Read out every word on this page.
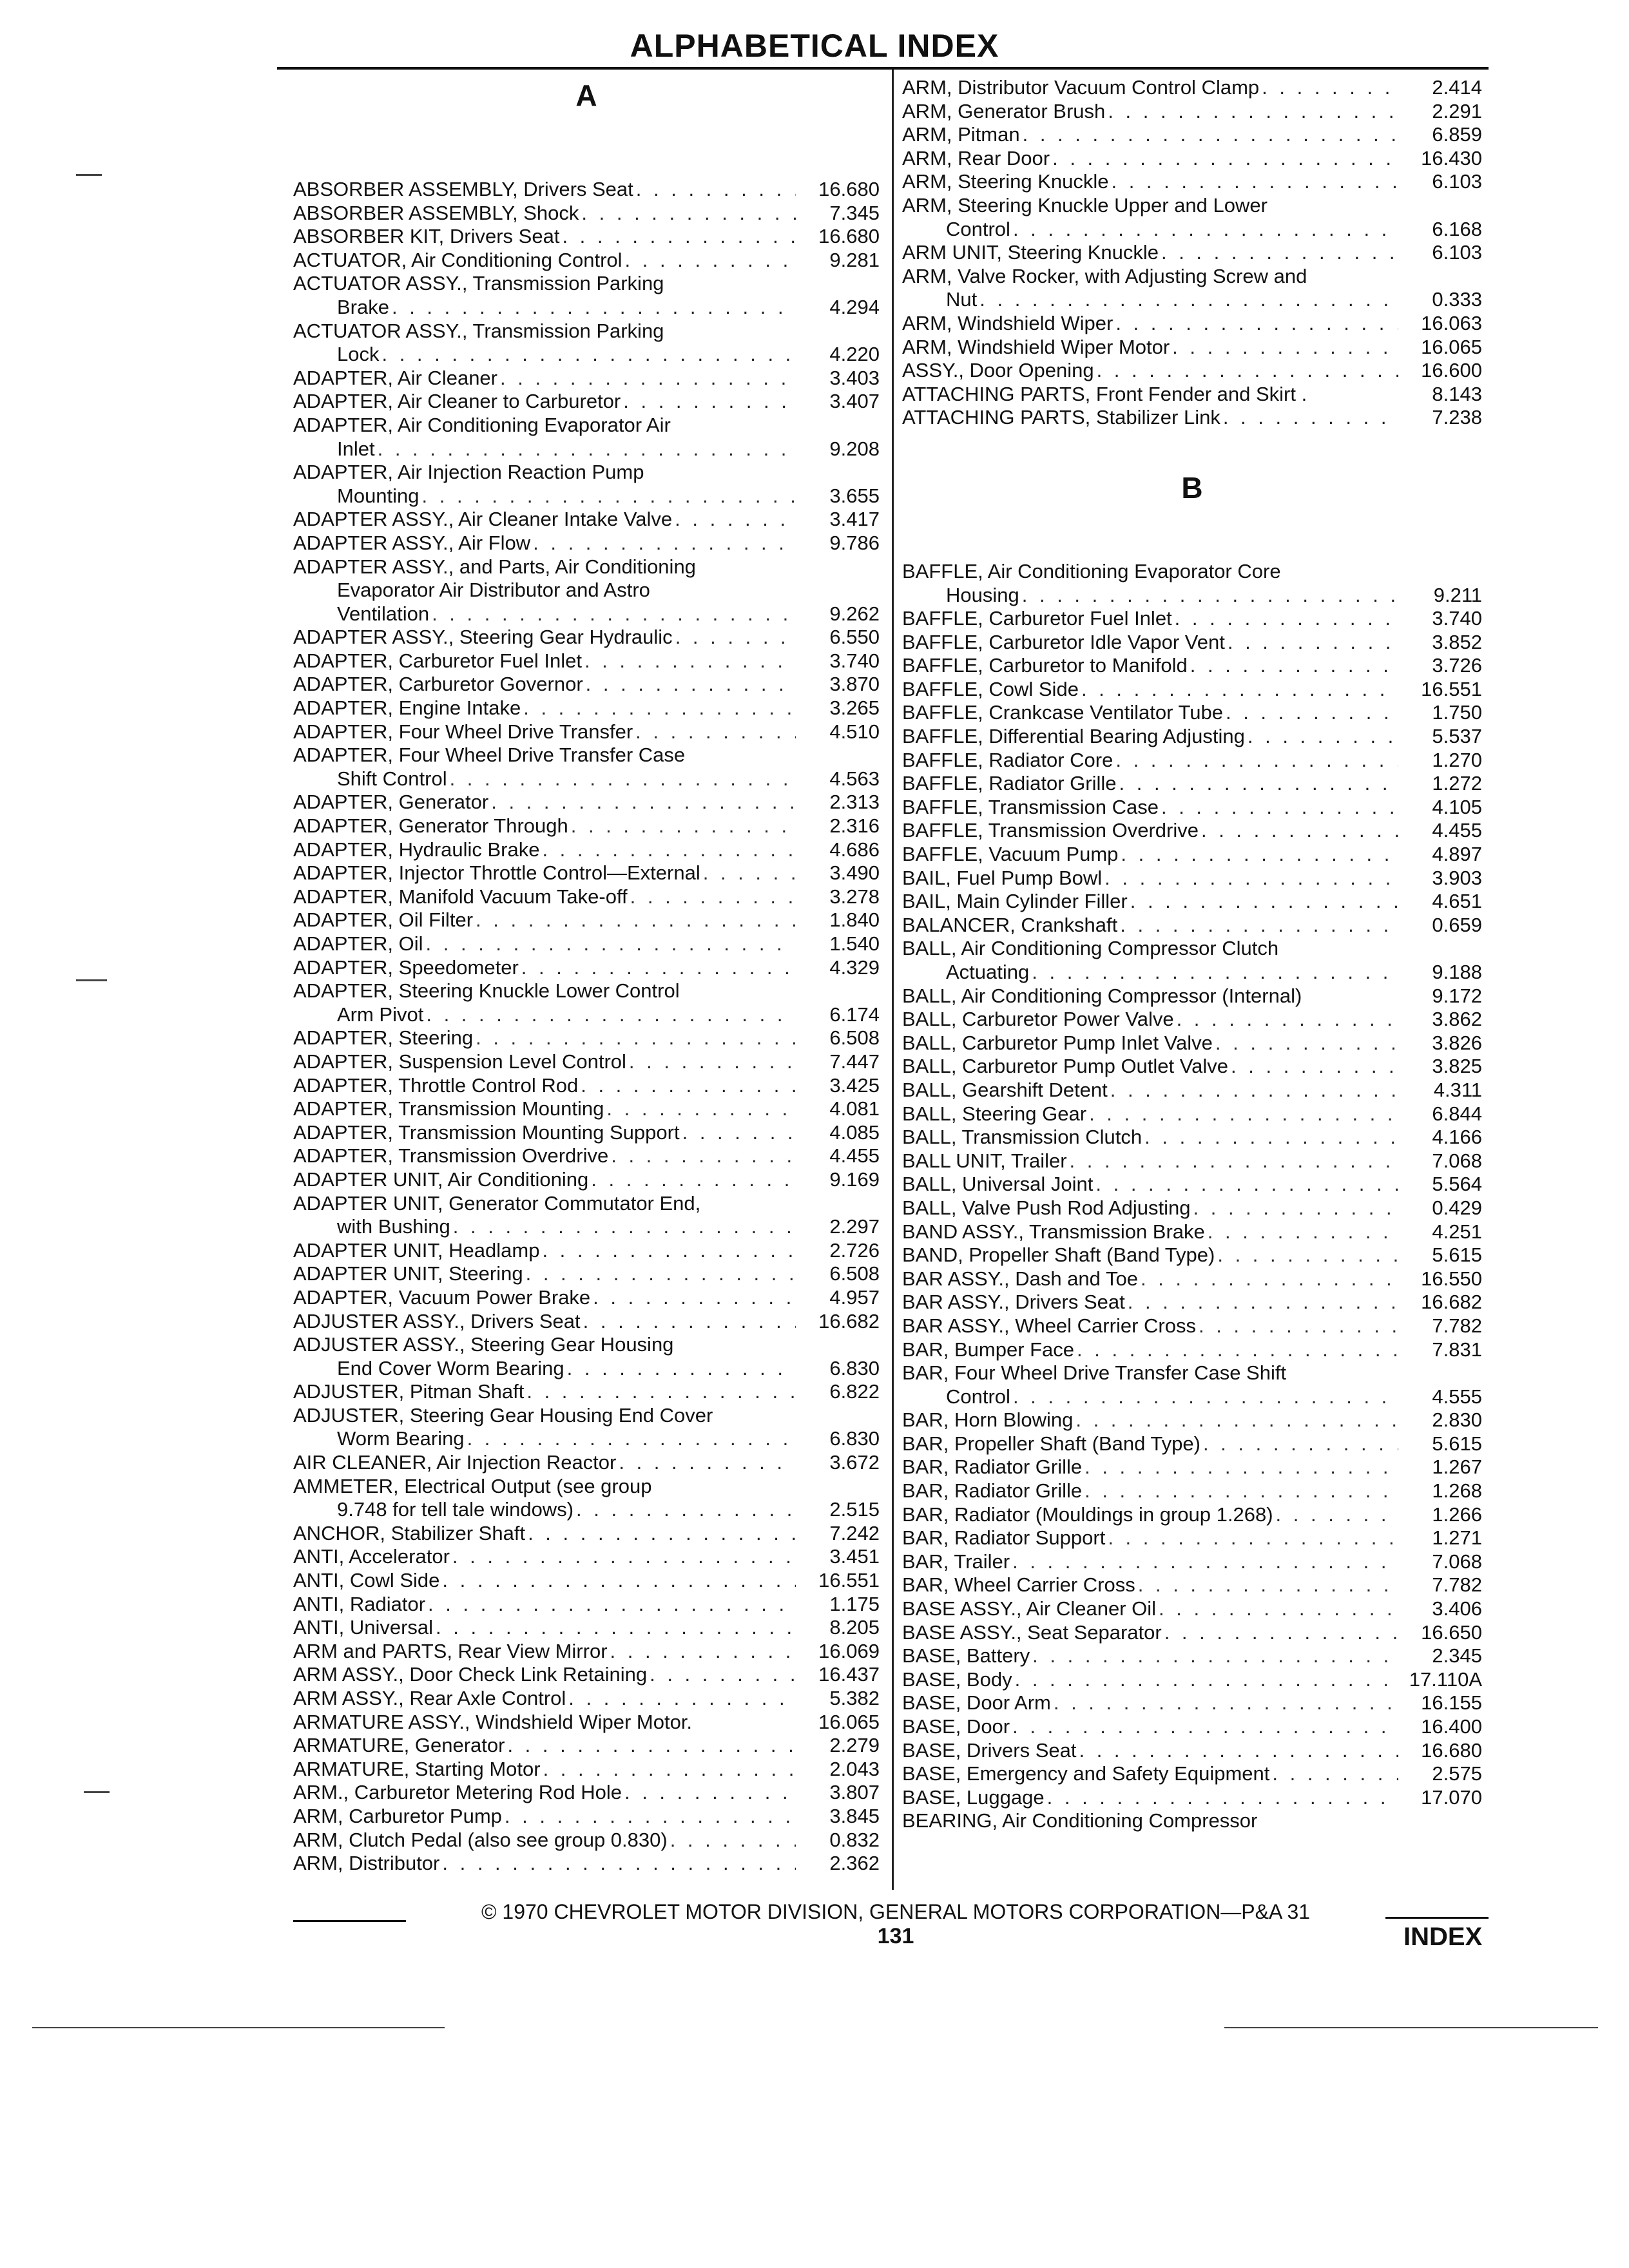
ALPHABETICAL INDEX
A
ABSORBER ASSEMBLY, Drivers Seat . . .	16.680
ABSORBER ASSEMBLY, Shock . . .	7.345
ABSORBER KIT, Drivers Seat . . .	16.680
ACTUATOR, Air Conditioning Control . . .	9.281
ACTUATOR ASSY., Transmission Parking
Brake . . .	4.294
ACTUATOR ASSY., Transmission Parking
Lock . . .	4.220
ADAPTER, Air Cleaner . . .	3.403
ADAPTER, Air Cleaner to Carburetor . . .	3.407
ADAPTER, Air Conditioning Evaporator Air
Inlet . . .	9.208
ADAPTER, Air Injection Reaction Pump
Mounting . . .	3.655
ADAPTER ASSY., Air Cleaner Intake Valve . . .	3.417
ADAPTER ASSY., Air Flow . . .	9.786
ADAPTER ASSY., and Parts, Air Conditioning
Evaporator Air Distributor and Astro
Ventilation . . .	9.262
ADAPTER ASSY., Steering Gear Hydraulic . . .	6.550
ADAPTER, Carburetor Fuel Inlet . . .	3.740
ADAPTER, Carburetor Governor . . .	3.870
ADAPTER, Engine Intake . . .	3.265
ADAPTER, Four Wheel Drive Transfer . . .	4.510
ADAPTER, Four Wheel Drive Transfer Case
Shift Control . . .	4.563
ADAPTER, Generator . . .	2.313
ADAPTER, Generator Through . . .	2.316
ADAPTER, Hydraulic Brake . . .	4.686
ADAPTER, Injector Throttle Control—External . . .	3.490
ADAPTER, Manifold Vacuum Take-off . . .	3.278
ADAPTER, Oil Filter . . .	1.840
ADAPTER, Oil . . .	1.540
ADAPTER, Speedometer . . .	4.329
ADAPTER, Steering Knuckle Lower Control
Arm Pivot . . .	6.174
ADAPTER, Steering . . .	6.508
ADAPTER, Suspension Level Control . . .	7.447
ADAPTER, Throttle Control Rod . . .	3.425
ADAPTER, Transmission Mounting . . .	4.081
ADAPTER, Transmission Mounting Support . . .	4.085
ADAPTER, Transmission Overdrive . . .	4.455
ADAPTER UNIT, Air Conditioning . . .	9.169
ADAPTER UNIT, Generator Commutator End,
with Bushing . . .	2.297
ADAPTER UNIT, Headlamp . . .	2.726
ADAPTER UNIT, Steering . . .	6.508
ADAPTER, Vacuum Power Brake . . .	4.957
ADJUSTER ASSY., Drivers Seat . . .	16.682
ADJUSTER ASSY., Steering Gear Housing
End Cover Worm Bearing . . .	6.830
ADJUSTER, Pitman Shaft . . .	6.822
ADJUSTER, Steering Gear Housing End Cover
Worm Bearing . . .	6.830
AIR CLEANER, Air Injection Reactor . . .	3.672
AMMETER, Electrical Output (see group
9.748 for tell tale windows) . . .	2.515
ANCHOR, Stabilizer Shaft . . .	7.242
ANTI, Accelerator . . .	3.451
ANTI, Cowl Side . . .	16.551
ANTI, Radiator . . .	1.175
ANTI, Universal . . .	8.205
ARM and PARTS, Rear View Mirror . . .	16.069
ARM ASSY., Door Check Link Retaining . . .	16.437
ARM ASSY., Rear Axle Control . . .	5.382
ARMATURE ASSY., Windshield Wiper Motor.	16.065
ARMATURE, Generator . . .	2.279
ARMATURE, Starting Motor . . .	2.043
ARM., Carburetor Metering Rod Hole . . .	3.807
ARM, Carburetor Pump . . .	3.845
ARM, Clutch Pedal (also see group 0.830) . . .	0.832
ARM, Distributor . . .	2.362
ARM, Distributor Vacuum Control Clamp . . .	2.414
ARM, Generator Brush . . .	2.291
ARM, Pitman . . .	6.859
ARM, Rear Door . . .	16.430
ARM, Steering Knuckle . . .	6.103
ARM, Steering Knuckle Upper and Lower
Control . . .	6.168
ARM UNIT, Steering Knuckle . . .	6.103
ARM, Valve Rocker, with Adjusting Screw and
Nut . . .	0.333
ARM, Windshield Wiper . . .	16.063
ARM, Windshield Wiper Motor . . .	16.065
ASSY., Door Opening . . .	16.600
ATTACHING PARTS, Front Fender and Skirt .	8.143
ATTACHING PARTS, Stabilizer Link . . .	7.238
B
BAFFLE, Air Conditioning Evaporator Core
Housing . . .	9.211
BAFFLE, Carburetor Fuel Inlet . . .	3.740
BAFFLE, Carburetor Idle Vapor Vent . . .	3.852
BAFFLE, Carburetor to Manifold . . .	3.726
BAFFLE, Cowl Side . . .	16.551
BAFFLE, Crankcase Ventilator Tube . . .	1.750
BAFFLE, Differential Bearing Adjusting . . .	5.537
BAFFLE, Radiator Core . . .	1.270
BAFFLE, Radiator Grille . . .	1.272
BAFFLE, Transmission Case . . .	4.105
BAFFLE, Transmission Overdrive . . .	4.455
BAFFLE, Vacuum Pump . . .	4.897
BAIL, Fuel Pump Bowl . . .	3.903
BAIL, Main Cylinder Filler . . .	4.651
BALANCER, Crankshaft . . .	0.659
BALL, Air Conditioning Compressor Clutch
Actuating . . .	9.188
BALL, Air Conditioning Compressor (Internal)	9.172
BALL, Carburetor Power Valve . . .	3.862
BALL, Carburetor Pump Inlet Valve . . .	3.826
BALL, Carburetor Pump Outlet Valve . . .	3.825
BALL, Gearshift Detent . . .	4.311
BALL, Steering Gear . . .	6.844
BALL, Transmission Clutch . . .	4.166
BALL UNIT, Trailer . . .	7.068
BALL, Universal Joint . . .	5.564
BALL, Valve Push Rod Adjusting . . .	0.429
BAND ASSY., Transmission Brake . . .	4.251
BAND, Propeller Shaft (Band Type) . . .	5.615
BAR ASSY., Dash and Toe . . .	16.550
BAR ASSY., Drivers Seat . . .	16.682
BAR ASSY., Wheel Carrier Cross . . .	7.782
BAR, Bumper Face . . .	7.831
BAR, Four Wheel Drive Transfer Case Shift
Control . . .	4.555
BAR, Horn Blowing . . .	2.830
BAR, Propeller Shaft (Band Type) . . .	5.615
BAR, Radiator Grille . . .	1.267
BAR, Radiator Grille . . .	1.268
BAR, Radiator (Mouldings in group 1.268) . . .	1.266
BAR, Radiator Support . . .	1.271
BAR, Trailer . . .	7.068
BAR, Wheel Carrier Cross . . .	7.782
BASE ASSY., Air Cleaner Oil . . .	3.406
BASE ASSY., Seat Separator . . .	16.650
BASE, Battery . . .	2.345
BASE, Body . . .	17.110A
BASE, Door Arm . . .	16.155
BASE, Door . . .	16.400
BASE, Drivers Seat . . .	16.680
BASE, Emergency and Safety Equipment . . .	2.575
BASE, Luggage . . .	17.070
BEARING, Air Conditioning Compressor
© 1970 CHEVROLET MOTOR DIVISION, GENERAL MOTORS CORPORATION—P&A 31
131	INDEX
